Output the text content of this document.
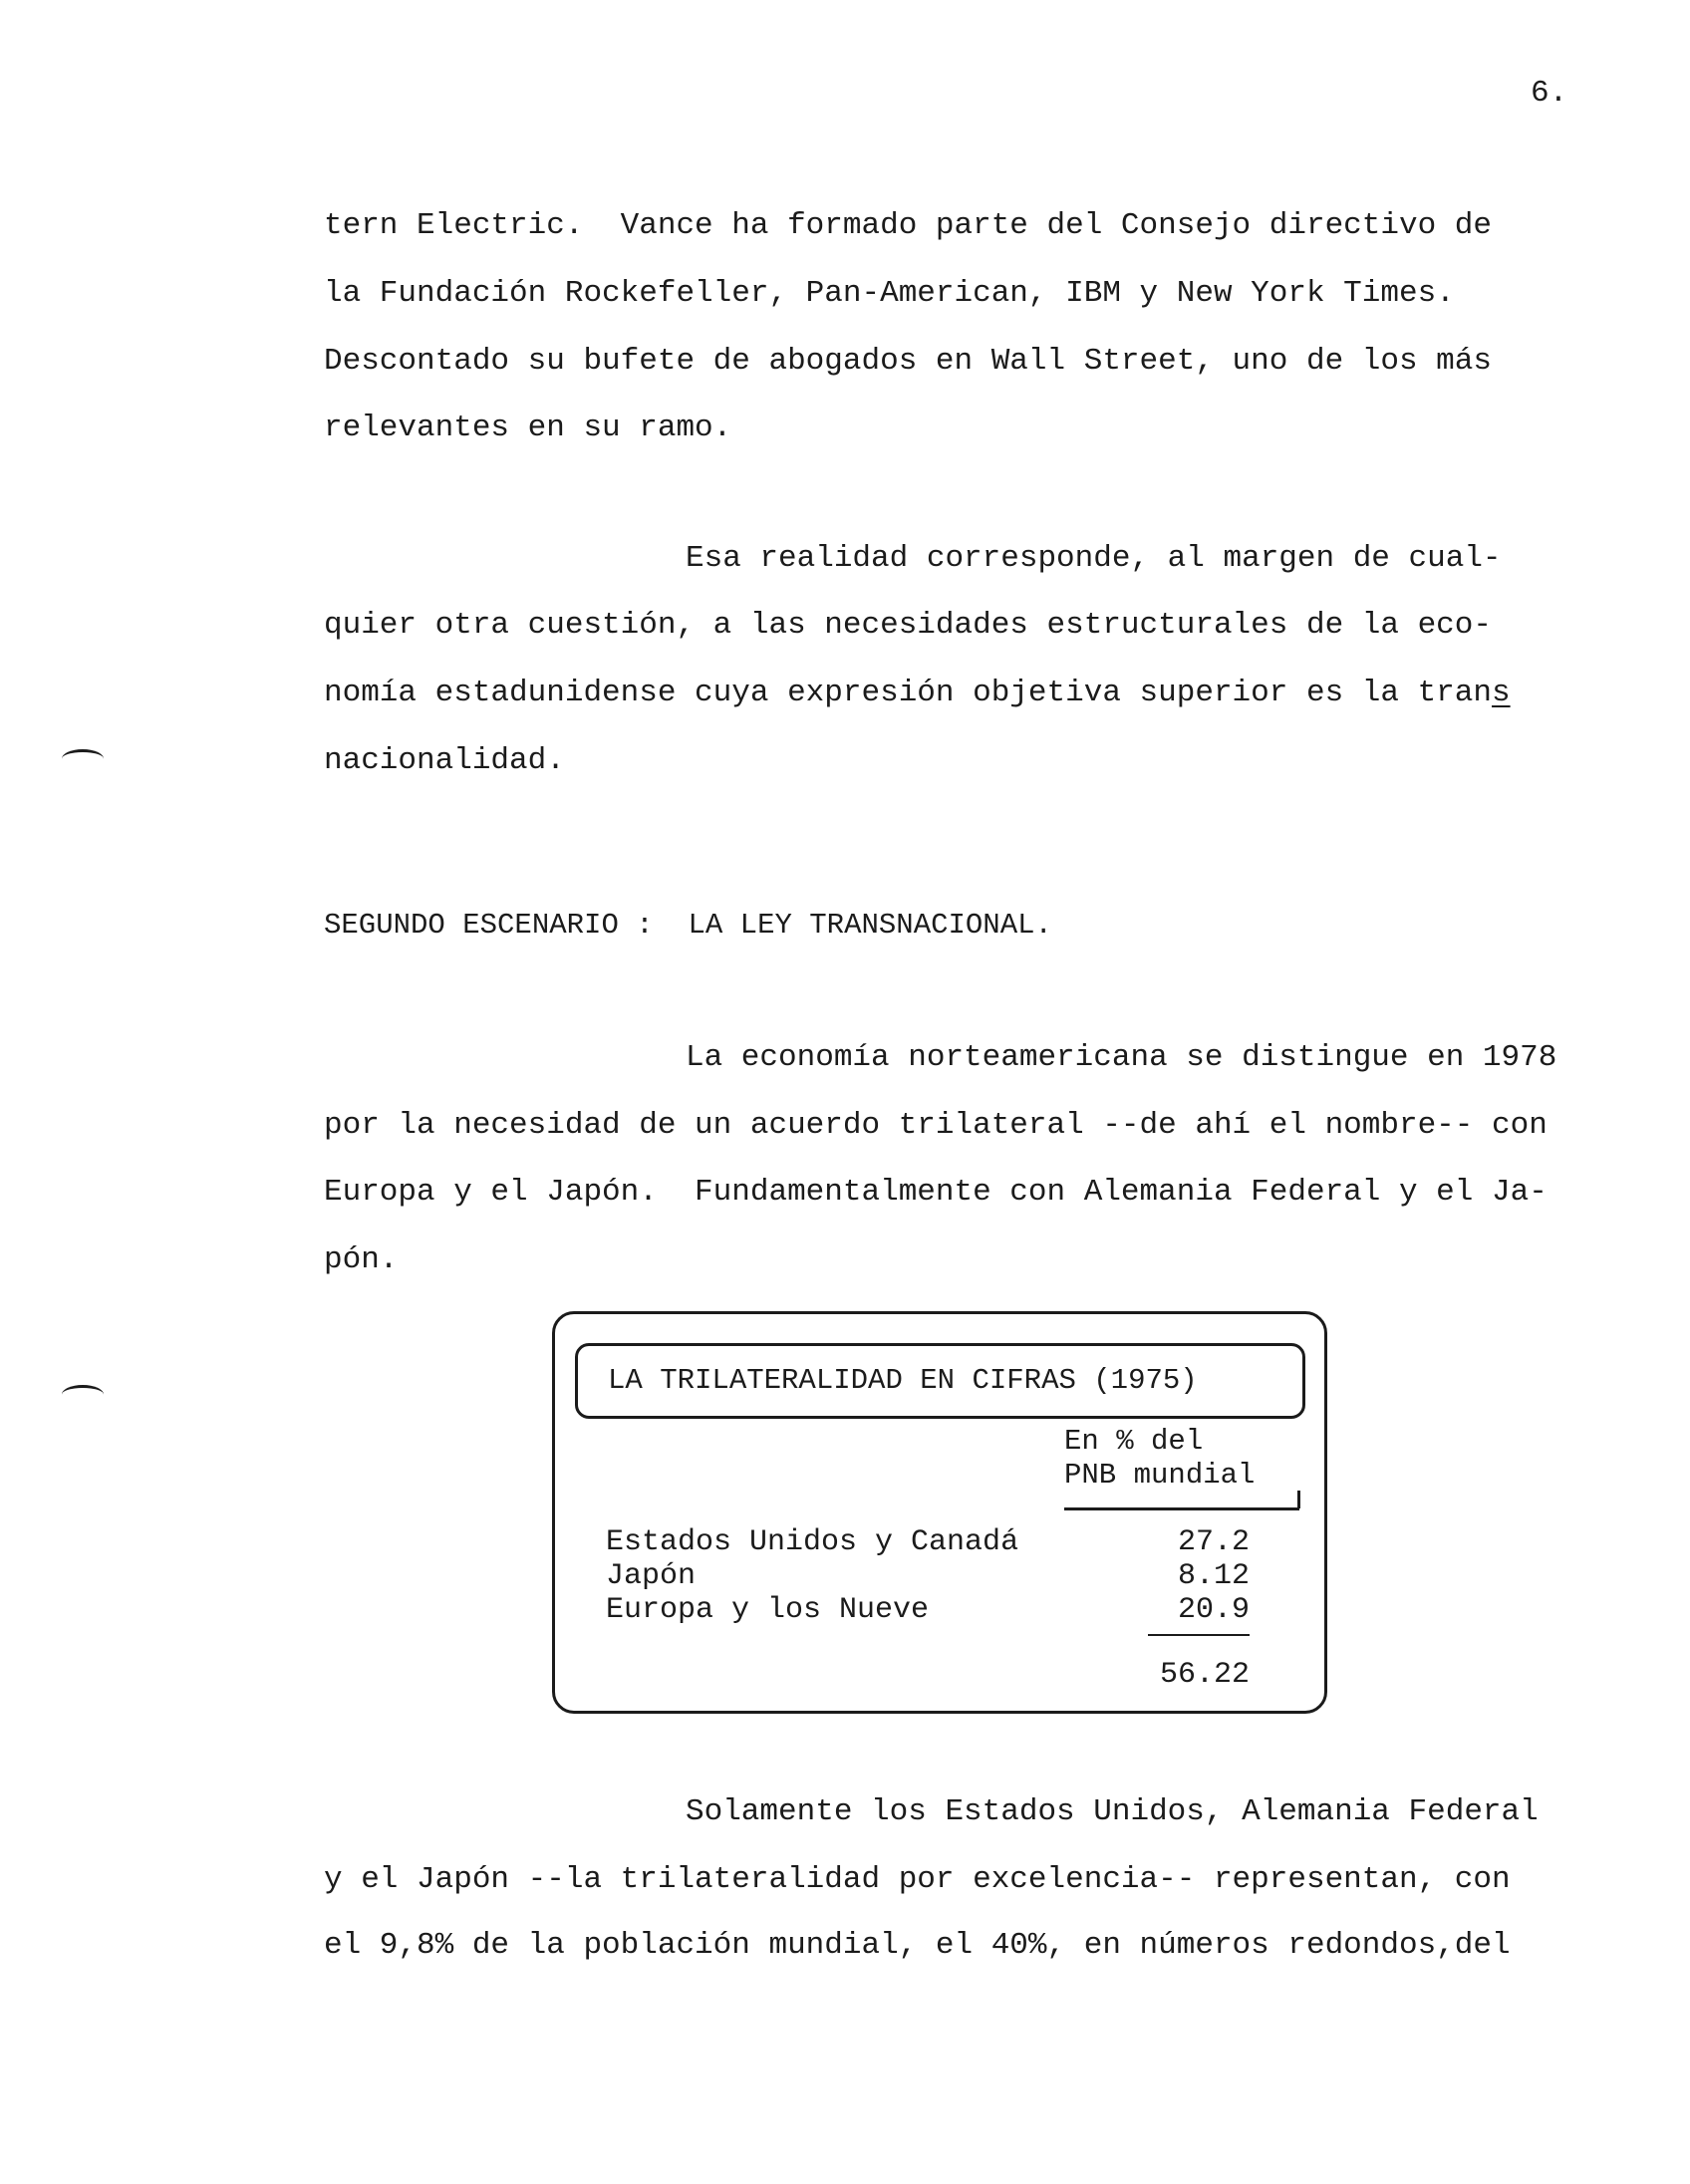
6.
tern Electric.  Vance ha formado parte del Consejo directivo de
la Fundación Rockefeller, Pan-American, IBM y New York Times.
Descontado su bufete de abogados en Wall Street, uno de los más
relevantes en su ramo.
Esa realidad corresponde, al margen de cual-
quier otra cuestión, a las necesidades estructurales de la eco-
nomía estadunidense cuya expresión objetiva superior es la trans
nacionalidad.
SEGUNDO ESCENARIO :  LA LEY TRANSNACIONAL.
La economía norteamericana se distingue en 1978
por la necesidad de un acuerdo trilateral --de ahí el nombre-- con
Europa y el Japón.  Fundamentalmente con Alemania Federal y el Ja-
pón.
LA TRILATERALIDAD EN CIFRAS (1975)
En % del
PNB mundial
Estados Unidos y Canadá	27.2
Japón	8.12
Europa y los Nueve	20.9
56.22
Solamente los Estados Unidos, Alemania Federal
y el Japón --la trilateralidad por excelencia-- representan, con
el 9,8% de la población mundial, el 40%, en números redondos,del
